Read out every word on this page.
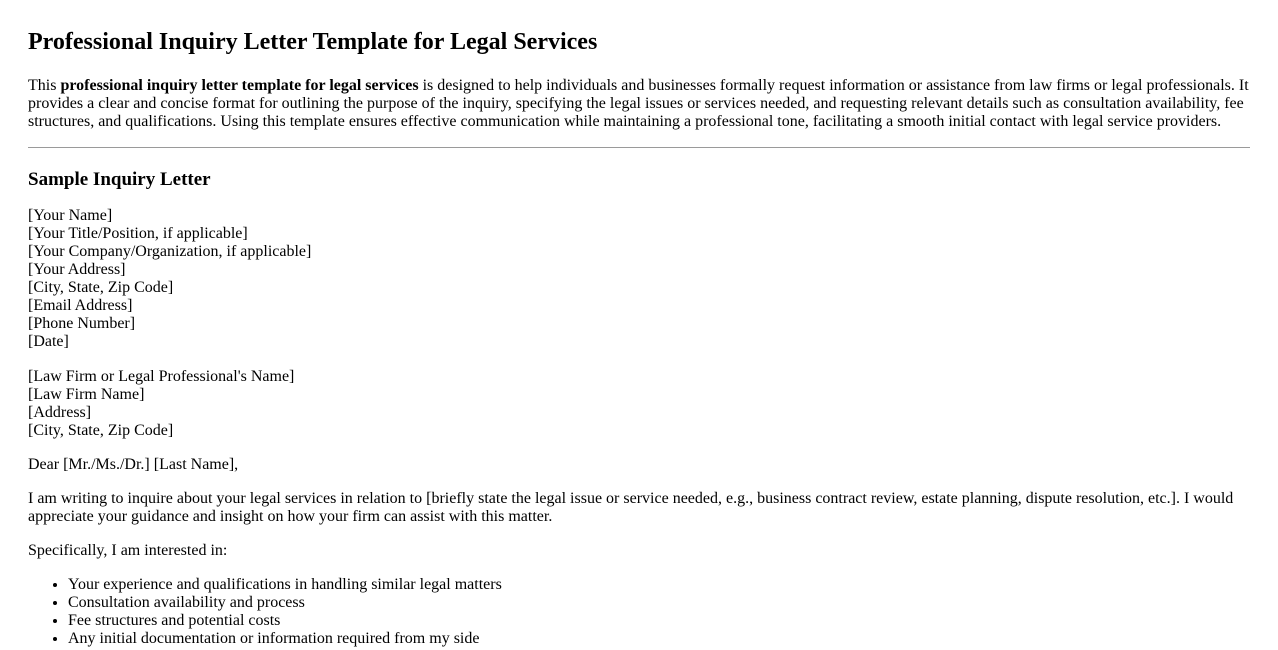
Professional Inquiry Letter Template for Legal Services

This professional inquiry letter template for legal services is designed to help individuals and businesses formally request information or assistance from law firms or legal professionals. It provides a clear and concise format for outlining the purpose of the inquiry, specifying the legal issues or services needed, and requesting relevant details such as consultation availability, fee structures, and qualifications. Using this template ensures effective communication while maintaining a professional tone, facilitating a smooth initial contact with legal service providers.

Sample Inquiry Letter
[Your Name]
[Your Title/Position, if applicable]
[Your Company/Organization, if applicable]
[Your Address]
[City, State, Zip Code]
[Email Address]
[Phone Number]
[Date]
[Law Firm or Legal Professional's Name]
[Law Firm Name]
[Address]
[City, State, Zip Code]

Dear [Mr./Ms./Dr.] [Last Name],

I am writing to inquire about your legal services in relation to [briefly state the legal issue or service needed, e.g., business contract review, estate planning, dispute resolution, etc.]. I would appreciate your guidance and insight on how your firm can assist with this matter.

Specifically, I am interested in:

• Your experience and qualifications in handling similar legal matters
• Consultation availability and process
• Fee structures and potential costs
• Any initial documentation or information required from my side
